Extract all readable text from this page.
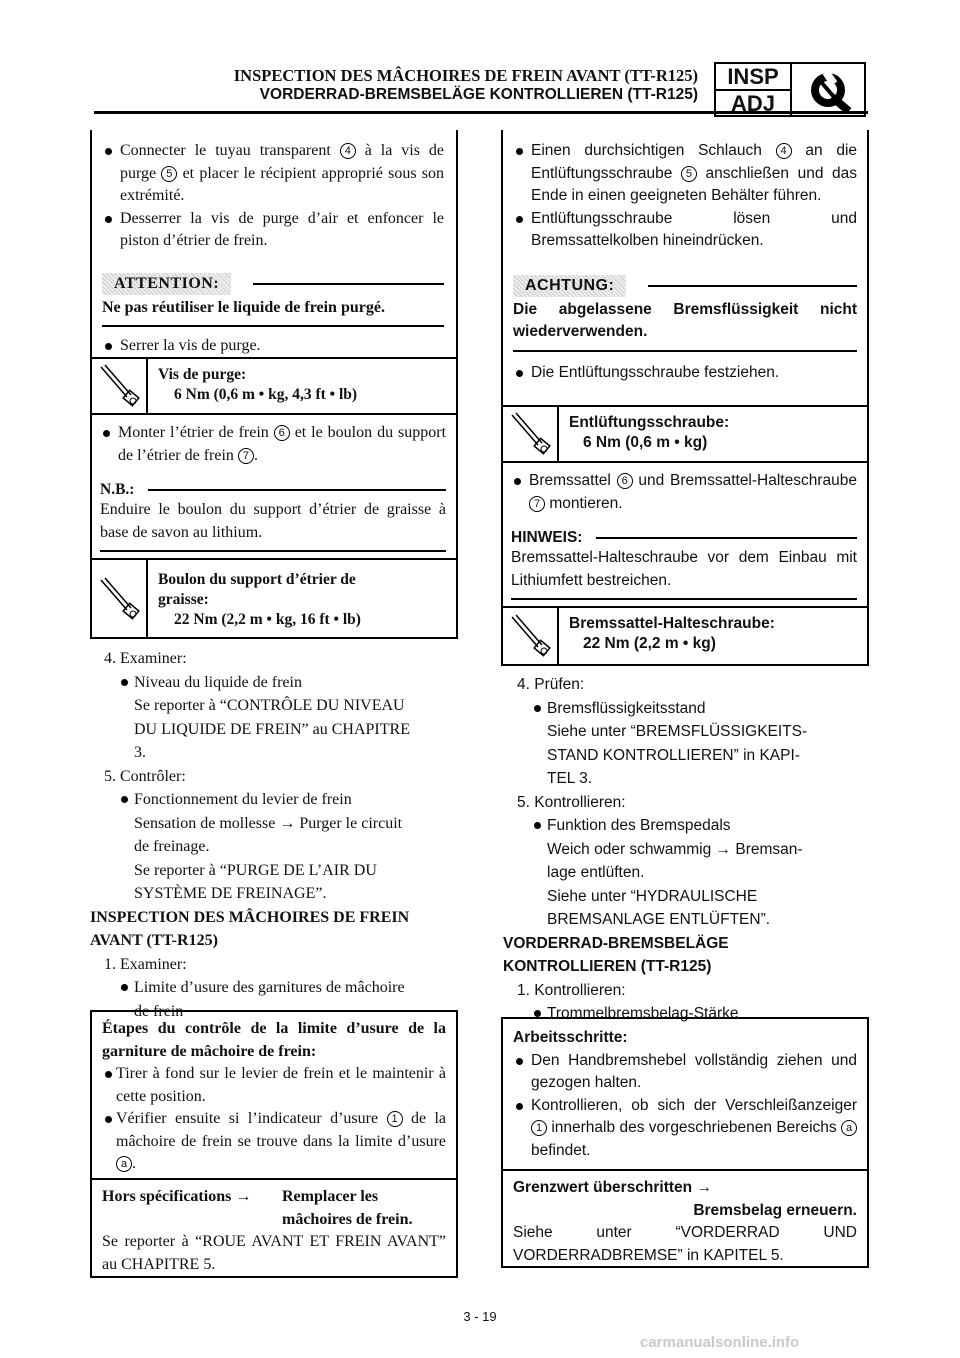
INSPECTION DES MÂCHOIRES DE FREIN AVANT (TT-R125)
VORDERRAD-BREMSBELÄGE KONTROLLIEREN (TT-R125)
INSP
ADJ
Connecter le tuyau transparent 4 à la vis de purge 5 et placer le récipient approprié sous son extrémité.
Desserrer la vis de purge d’air et enfoncer le piston d’étrier de frein.
ATTENTION:
Ne pas réutiliser le liquide de frein purgé.
Serrer la vis de purge.
Vis de purge:
6 Nm (0,6 m • kg, 4,3 ft • lb)
Monter l’étrier de frein 6 et le boulon du support de l’étrier de frein 7 .
N.B.:
Enduire le boulon du support d’étrier de graisse à base de savon au lithium.
Boulon du support d’étrier de
graisse:
22 Nm (2,2 m • kg, 16 ft • lb)
4. Examiner:
Niveau du liquide de frein
Se reporter à “CONTRÔLE DU NIVEAU
DU LIQUIDE DE FREIN” au CHAPITRE
3.
5. Contrôler:
Fonctionnement du levier de frein
Sensation de mollesse → Purger le circuit
de freinage.
Se reporter à “PURGE DE L’AIR DU
SYSTÈME DE FREINAGE”.
INSPECTION DES MÂCHOIRES DE FREIN
AVANT (TT-R125)
1. Examiner:
Limite d’usure des garnitures de mâchoire
de frein
Étapes du contrôle de la limite d’usure de la garniture de mâchoire de frein:
Tirer à fond sur le levier de frein et le maintenir à cette position.
Vérifier ensuite si l’indicateur d’usure 1 de la mâchoire de frein se trouve dans la limite d’usure a .
Hors spécifications →	Remplacer les
mâchoires de frein.
Se reporter à “ROUE AVANT ET FREIN AVANT” au CHAPITRE 5.
Einen durchsichtigen Schlauch 4 an die Entlüftungsschraube 5 anschließen und das Ende in einen geeigneten Behälter führen.
Entlüftungsschraube lösen und Bremssattelkolben hineindrücken.
ACHTUNG:
Die abgelassene Bremsflüssigkeit nicht wiederverwenden.
Die Entlüftungsschraube festziehen.
Entlüftungsschraube:
6 Nm (0,6 m • kg)
Bremssattel 6 und Bremssattel-Halteschraube 7 montieren.
HINWEIS:
Bremssattel-Halteschraube vor dem Einbau mit Lithiumfett bestreichen.
Bremssattel-Halteschraube:
22 Nm (2,2 m • kg)
4. Prüfen:
Bremsflüssigkeitsstand
Siehe unter “BREMSFLÜSSIGKEITS-
STAND KONTROLLIEREN” in KAPI-
TEL 3.
5. Kontrollieren:
Funktion des Bremspedals
Weich oder schwammig → Bremsan-
lage entlüften.
Siehe unter “HYDRAULISCHE
BREMSANLAGE ENTLÜFTEN”.
VORDERRAD-BREMSBELÄGE
KONTROLLIEREN (TT-R125)
1. Kontrollieren:
Trommelbremsbelag-Stärke
Arbeitsschritte:
Den Handbremshebel vollständig ziehen und gezogen halten.
Kontrollieren, ob sich der Verschleißanzeiger 1 innerhalb des vorgeschriebenen Bereichs a befindet.
Grenzwert überschritten →
Bremsbelag erneuern.
Siehe unter “VORDERRAD UND VORDERRADBREMSE” in KAPITEL 5.
3 - 19
carmanualsonline.info
